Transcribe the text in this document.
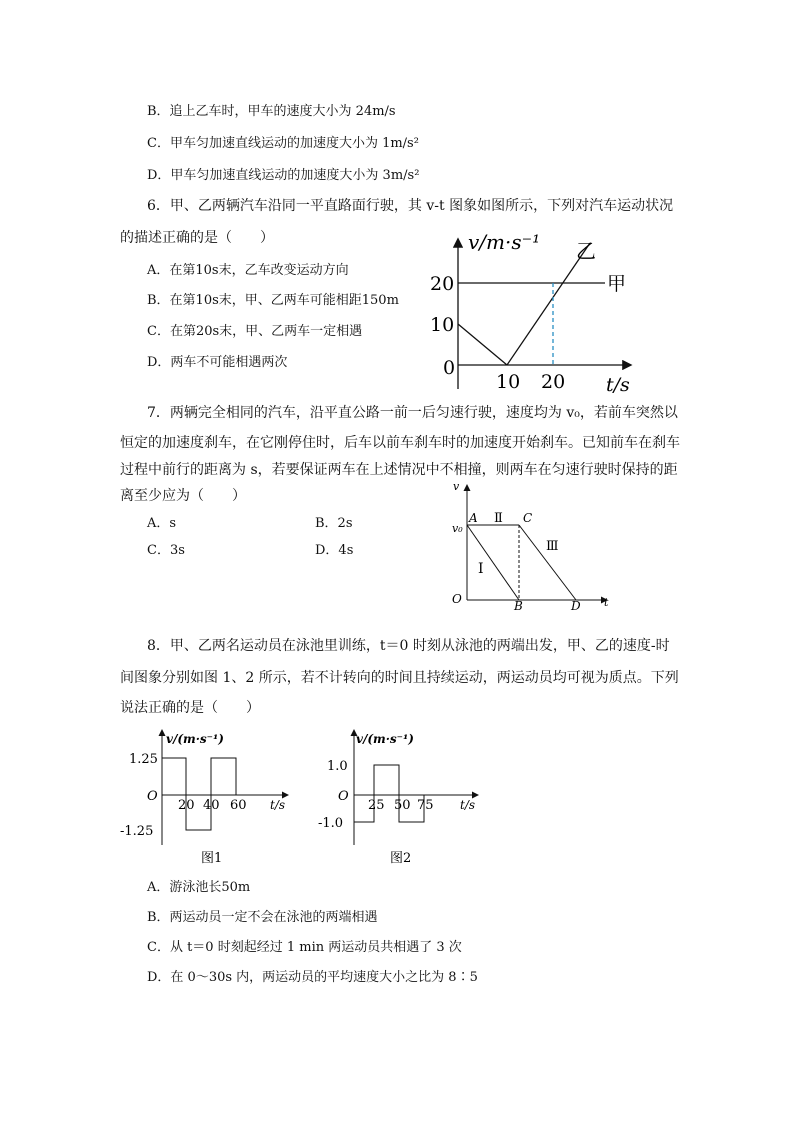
B．追上乙车时，甲车的速度大小为 24m/s
C．甲车匀加速直线运动的加速度大小为 1m/s²
D．甲车匀加速直线运动的加速度大小为 3m/s²
6．甲、乙两辆汽车沿同一平直路面行驶，其 v-t 图象如图所示，下列对汽车运动状况
的描述正确的是（　　）
A．在第10s末，乙车改变运动方向
B．在第10s末，甲、乙两车可能相距150m
C．在第20s末，甲、乙两车一定相遇
D．两车不可能相遇两次
v/m·s⁻¹
t/s
20
10
0
10 20
乙
甲
7．两辆完全相同的汽车，沿平直公路一前一后匀速行驶，速度均为 v₀，若前车突然以
恒定的加速度刹车，在它刚停住时，后车以前车刹车时的加速度开始刹车。已知前车在刹车
过程中前行的距离为 s，若要保证两车在上述情况中不相撞，则两车在匀速行驶时保持的距
离至少应为（　　）
A．s	B．2s
C．3s	D．4s
v
t
v₀
O
A
B
C
D
Ⅰ
Ⅱ
Ⅲ
8．甲、乙两名运动员在泳池里训练，t＝0 时刻从泳池的两端出发，甲、乙的速度-时
间图象分别如图 1、2 所示，若不计转向的时间且持续运动，两运动员均可视为质点。下列
说法正确的是（　　）
v/(m·s⁻¹)
t/s
1.25
-1.25
O
20 40 60
图1
v/(m·s⁻¹)
t/s
1.0
-1.0
O
25 50 75
图2
A．游泳池长50m
B．两运动员一定不会在泳池的两端相遇
C．从 t＝0 时刻起经过 1 min 两运动员共相遇了 3 次
D．在 0～30s 内，两运动员的平均速度大小之比为 8∶5
